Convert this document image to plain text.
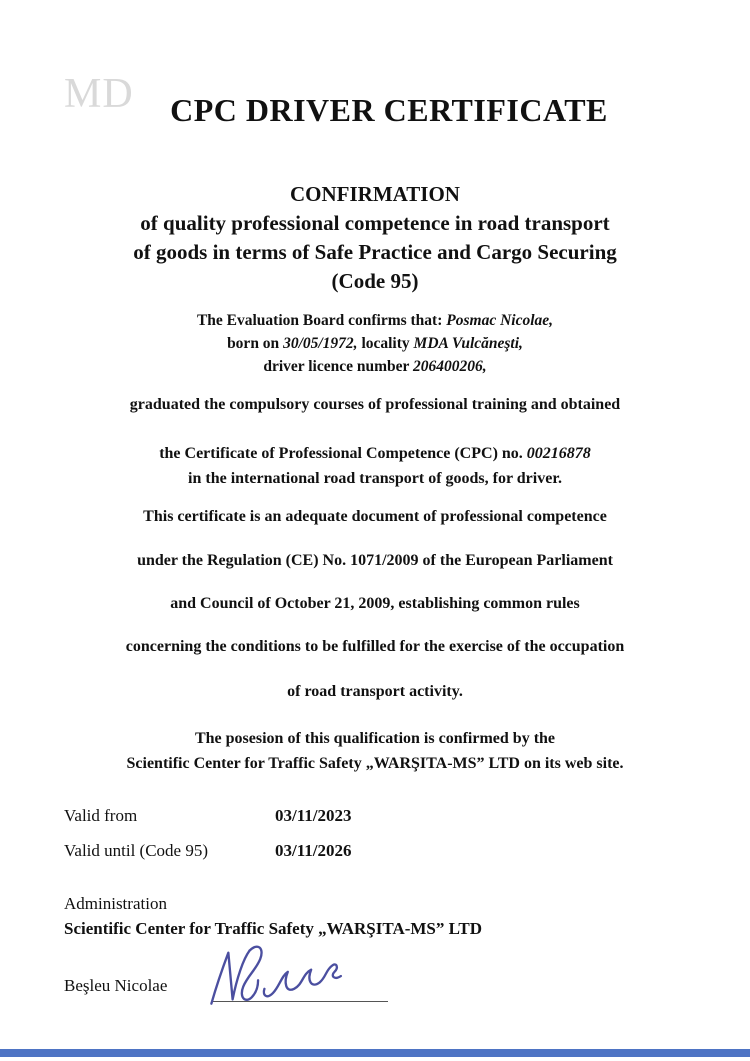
MD	CPC DRIVER CERTIFICATE
CONFIRMATION
of quality professional competence in road transport
of goods in terms of Safe Practice and Cargo Securing
(Code 95)
The Evaluation Board confirms that: Posmac Nicolae,
born on 30/05/1972, locality MDA Vulcăneşti,
driver licence number 206400206,
graduated the compulsory courses of professional training and obtained
the Certificate of Professional Competence (CPC) no. 00216878
in the international road transport of goods, for driver.
This certificate is an adequate document of professional competence
under the Regulation (CE) No. 1071/2009 of the European Parliament
and Council of October 21, 2009, establishing common rules
concerning the conditions to be fulfilled for the exercise of the occupation
of road transport activity.
The posesion of this qualification is confirmed by the
Scientific Center for Traffic Safety „WARŞITA-MS” LTD on its web site.
Valid from	03/11/2023
Valid until (Code 95)	03/11/2026
Administration
Scientific Center for Traffic Safety „WARŞITA-MS” LTD
Beşleu Nicolae
